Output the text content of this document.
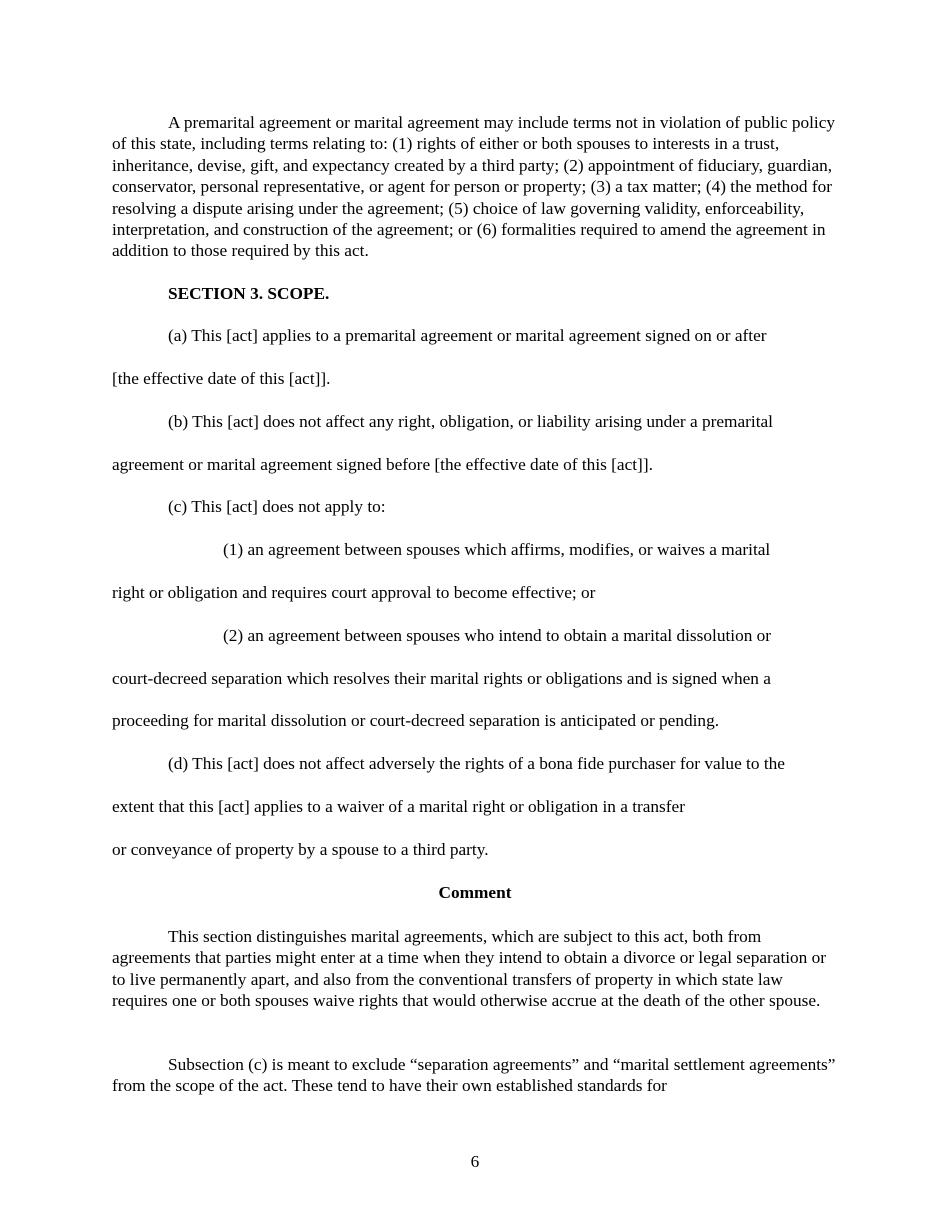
A premarital agreement or marital agreement may include terms not in violation of public policy of this state, including terms relating to: (1) rights of either or both spouses to interests in a trust, inheritance, devise, gift, and expectancy created by a third party; (2) appointment of fiduciary, guardian, conservator, personal representative, or agent for person or property; (3) a tax matter; (4) the method for resolving a dispute arising under the agreement; (5) choice of law governing validity, enforceability, interpretation, and construction of the agreement; or (6) formalities required to amend the agreement in addition to those required by this act.

SECTION 3. SCOPE.

(a) This [act] applies to a premarital agreement or marital agreement signed on or after

[the effective date of this [act]].

(b) This [act] does not affect any right, obligation, or liability arising under a premarital

agreement or marital agreement signed before [the effective date of this [act]].

(c) This [act] does not apply to:

(1) an agreement between spouses which affirms, modifies, or waives a marital

right or obligation and requires court approval to become effective; or

(2) an agreement between spouses who intend to obtain a marital dissolution or

court-decreed separation which resolves their marital rights or obligations and is signed when a

proceeding for marital dissolution or court-decreed separation is anticipated or pending.

(d) This [act] does not affect adversely the rights of a bona fide purchaser for value to the

extent that this [act] applies to a waiver of a marital right or obligation in a transfer

or conveyance of property by a spouse to a third party.

Comment

This section distinguishes marital agreements, which are subject to this act, both from agreements that parties might enter at a time when they intend to obtain a divorce or legal separation or to live permanently apart, and also from the conventional transfers of property in which state law requires one or both spouses waive rights that would otherwise accrue at the death of the other spouse.

Subsection (c) is meant to exclude “separation agreements” and “marital settlement agreements” from the scope of the act. These tend to have their own established standards for

6
